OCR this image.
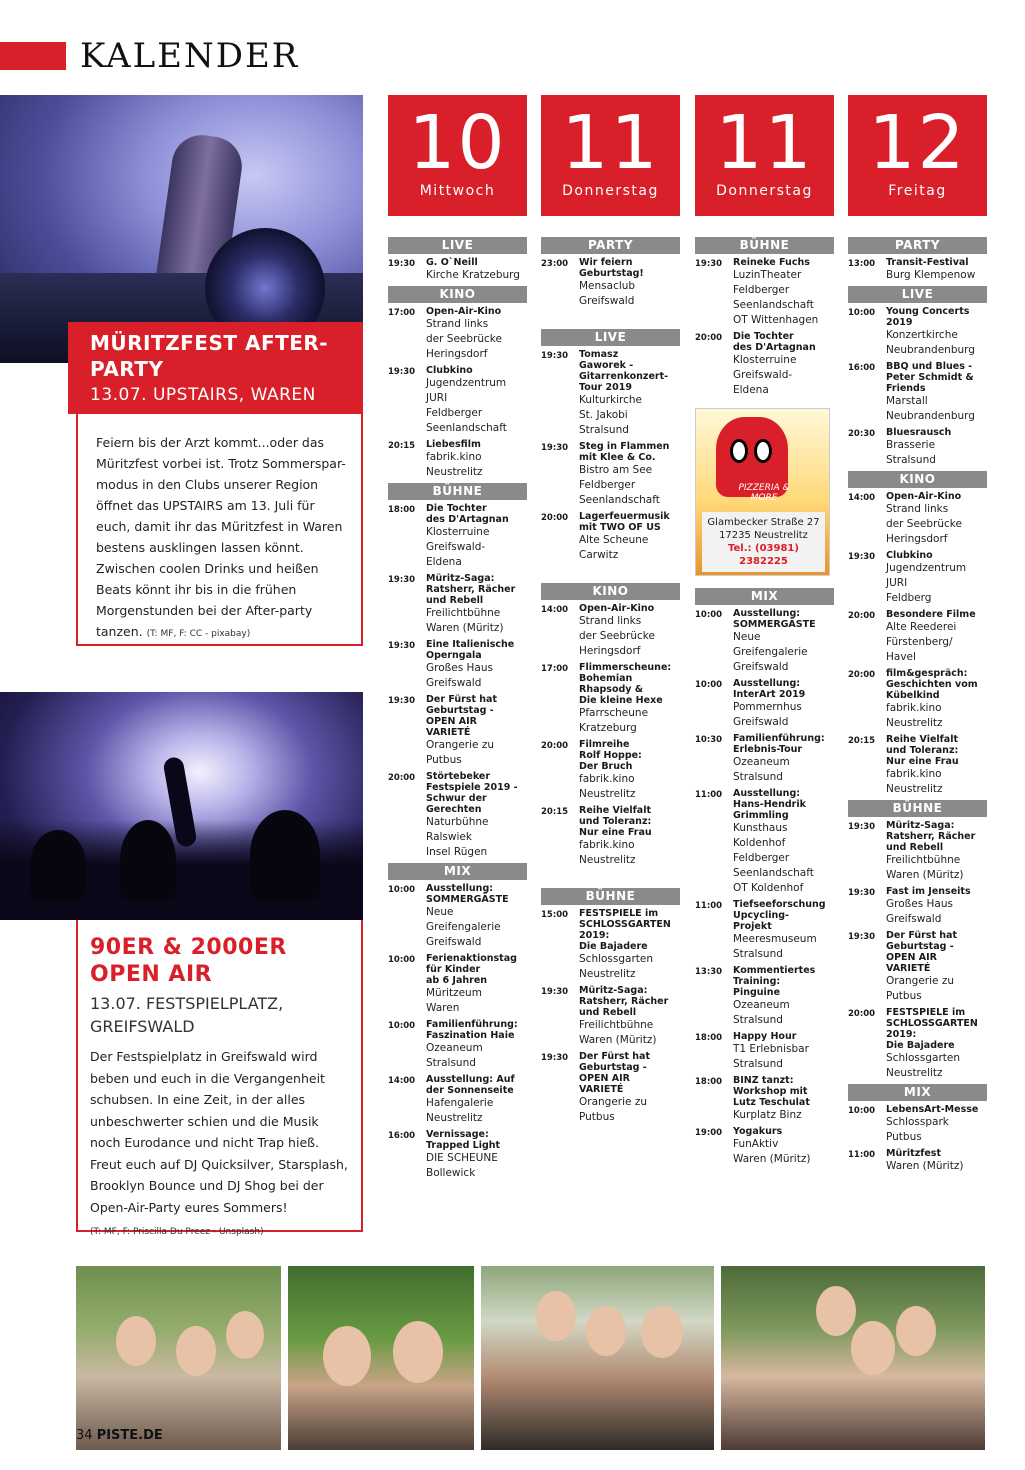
KALENDER
MÜRITZFEST AFTER-
PARTY
13.07. UPSTAIRS, WAREN
Feiern bis der Arzt kommt...oder das Müritzfest vorbei ist. Trotz Sommerspar-modus in den Clubs unserer Region öffnet das UPSTAIRS am 13. Juli für euch, damit ihr das Müritzfest in Waren bestens ausklingen lassen könnt. Zwischen coolen Drinks und heißen Beats könnt ihr bis in die frühen Morgenstunden bei der After-party tanzen. (T: MF, F: CC - pixabay)
90ER & 2000ER
OPEN AIR
13.07. FESTSPIELPLATZ,
GREIFSWALD
Der Festspielplatz in Greifswald wird beben und euch in die Vergangenheit schubsen. In eine Zeit, in der alles unbeschwerter schien und die Musik noch Eurodance und nicht Trap hieß. Freut euch auf DJ Quicksilver, Starsplash, Brooklyn Bounce und DJ Shog bei der Open-Air-Party eures Sommers!
(T: MF, F: Priscilla Du Preez - Unsplash)
10
Mittwoch
11
Donnerstag
11
Donnerstag
12
Freitag
LIVE
19:30	G. O`Neill
Kirche Kratzeburg
KINO
17:00	Open-Air-Kino
Strand links
der Seebrücke
Heringsdorf
19:30	Clubkino
Jugendzentrum
JURI
Feldberger
Seenlandschaft
20:15	Liebesfilm
fabrik.kino
Neustrelitz
BÜHNE
18:00	Die Tochter
des D'Artagnan
Klosterruine
Greifswald-
Eldena
19:30	Müritz-Saga:
Ratsherr, Rächer
und Rebell
Freilichtbühne
Waren (Müritz)
19:30	Eine Italienische
Operngala
Großes Haus
Greifswald
19:30	Der Fürst hat
Geburtstag -
OPEN AIR
VARIETÉ
Orangerie zu
Putbus
20:00	Störtebeker
Festspiele 2019 -
Schwur der
Gerechten
Naturbühne
Ralswiek
Insel Rügen
MIX
10:00	Ausstellung:
SOMMERGÄSTE
Neue
Greifengalerie
Greifswald
10:00	Ferienaktionstag
für Kinder
ab 6 Jahren
Müritzeum
Waren
10:00	Familienführung:
Faszination Haie
Ozeaneum
Stralsund
14:00	Ausstellung: Auf
der Sonnenseite
Hafengalerie
Neustrelitz
16:00	Vernissage:
Trapped Light
DIE SCHEUNE
Bollewick
PARTY
23:00	Wir feiern
Geburtstag!
Mensaclub
Greifswald
LIVE
19:30	Tomasz
Gaworek -
Gitarrenkonzert-
Tour 2019
Kulturkirche
St. Jakobi
Stralsund
19:30	Steg in Flammen
mit Klee & Co.
Bistro am See
Feldberger
Seenlandschaft
20:00	Lagerfeuermusik
mit TWO OF US
Alte Scheune
Carwitz
KINO
14:00	Open-Air-Kino
Strand links
der Seebrücke
Heringsdorf
17:00	Flimmerscheune:
Bohemian
Rhapsody &
Die kleine Hexe
Pfarrscheune
Kratzeburg
20:00	Filmreihe
Rolf Hoppe:
Der Bruch
fabrik.kino
Neustrelitz
20:15	Reihe Vielfalt
und Toleranz:
Nur eine Frau
fabrik.kino
Neustrelitz
BÜHNE
15:00	FESTSPIELE im
SCHLOSSGARTEN
2019:
Die Bajadere
Schlossgarten
Neustrelitz
19:30	Müritz-Saga:
Ratsherr, Rächer
und Rebell
Freilichtbühne
Waren (Müritz)
19:30	Der Fürst hat
Geburtstag -
OPEN AIR
VARIETÉ
Orangerie zu
Putbus
BÜHNE
19:30	Reineke Fuchs
LuzinTheater
Feldberger
Seenlandschaft
OT Wittenhagen
20:00	Die Tochter
des D'Artagnan
Klosterruine
Greifswald-
Eldena
PIZZERIA & MORE
Glambecker Straße 27
17235 Neustrelitz
Tel.: (03981) 2382225
MIX
10:00	Ausstellung:
SOMMERGÄSTE
Neue
Greifengalerie
Greifswald
10:00	Ausstellung:
InterArt 2019
Pommernhus
Greifswald
10:30	Familienführung:
Erlebnis-Tour
Ozeaneum
Stralsund
11:00	Ausstellung:
Hans-Hendrik
Grimmling
Kunsthaus
Koldenhof
Feldberger
Seenlandschaft
OT Koldenhof
11:00	Tiefseeforschung
Upcycling-
Projekt
Meeresmuseum
Stralsund
13:30	Kommentiertes
Training:
Pinguine
Ozeaneum
Stralsund
18:00	Happy Hour
T1 Erlebnisbar
Stralsund
18:00	BINZ tanzt:
Workshop mit
Lutz Teschulat
Kurplatz Binz
19:00	Yogakurs
FunAktiv
Waren (Müritz)
PARTY
13:00	Transit-Festival
Burg Klempenow
LIVE
10:00	Young Concerts
2019
Konzertkirche
Neubrandenburg
16:00	BBQ und Blues -
Peter Schmidt &
Friends
Marstall
Neubrandenburg
20:30	Bluesrausch
Brasserie
Stralsund
KINO
14:00	Open-Air-Kino
Strand links
der Seebrücke
Heringsdorf
19:30	Clubkino
Jugendzentrum
JURI
Feldberg
20:00	Besondere Filme
Alte Reederei
Fürstenberg/
Havel
20:00	film&gespräch:
Geschichten vom
Kübelkind
fabrik.kino
Neustrelitz
20:15	Reihe Vielfalt
und Toleranz:
Nur eine Frau
fabrik.kino
Neustrelitz
BÜHNE
19:30	Müritz-Saga:
Ratsherr, Rächer
und Rebell
Freilichtbühne
Waren (Müritz)
19:30	Fast im Jenseits
Großes Haus
Greifswald
19:30	Der Fürst hat
Geburtstag -
OPEN AIR
VARIETÉ
Orangerie zu
Putbus
20:00	FESTSPIELE im
SCHLOSSGARTEN
2019:
Die Bajadere
Schlossgarten
Neustrelitz
MIX
10:00	LebensArt-Messe
Schlosspark
Putbus
11:00	Müritzfest
Waren (Müritz)
34 PISTE.DE
